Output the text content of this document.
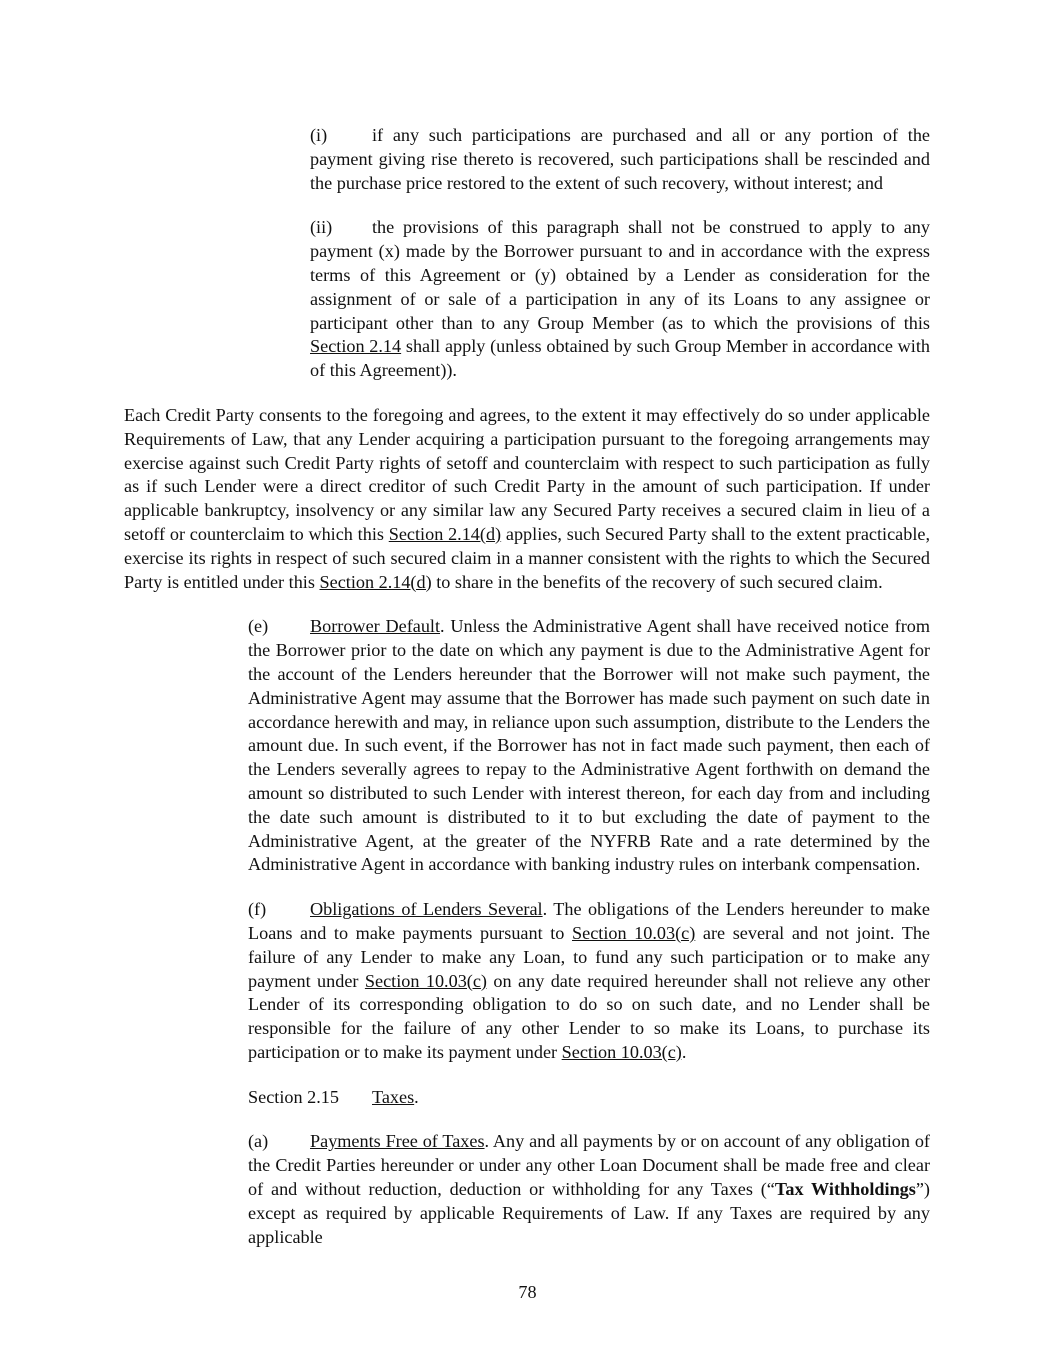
(i) if any such participations are purchased and all or any portion of the payment giving rise thereto is recovered, such participations shall be rescinded and the purchase price restored to the extent of such recovery, without interest; and

(ii) the provisions of this paragraph shall not be construed to apply to any payment (x) made by the Borrower pursuant to and in accordance with the express terms of this Agreement or (y) obtained by a Lender as consideration for the assignment of or sale of a participation in any of its Loans to any assignee or participant other than to any Group Member (as to which the provisions of this Section 2.14 shall apply (unless obtained by such Group Member in accordance with of this Agreement)).

Each Credit Party consents to the foregoing and agrees, to the extent it may effectively do so under applicable Requirements of Law, that any Lender acquiring a participation pursuant to the foregoing arrangements may exercise against such Credit Party rights of setoff and counterclaim with respect to such participation as fully as if such Lender were a direct creditor of such Credit Party in the amount of such participation. If under applicable bankruptcy, insolvency or any similar law any Secured Party receives a secured claim in lieu of a setoff or counterclaim to which this Section 2.14(d) applies, such Secured Party shall to the extent practicable, exercise its rights in respect of such secured claim in a manner consistent with the rights to which the Secured Party is entitled under this Section 2.14(d) to share in the benefits of the recovery of such secured claim.

(e) Borrower Default. Unless the Administrative Agent shall have received notice from the Borrower prior to the date on which any payment is due to the Administrative Agent for the account of the Lenders hereunder that the Borrower will not make such payment, the Administrative Agent may assume that the Borrower has made such payment on such date in accordance herewith and may, in reliance upon such assumption, distribute to the Lenders the amount due. In such event, if the Borrower has not in fact made such payment, then each of the Lenders severally agrees to repay to the Administrative Agent forthwith on demand the amount so distributed to such Lender with interest thereon, for each day from and including the date such amount is distributed to it to but excluding the date of payment to the Administrative Agent, at the greater of the NYFRB Rate and a rate determined by the Administrative Agent in accordance with banking industry rules on interbank compensation.

(f) Obligations of Lenders Several. The obligations of the Lenders hereunder to make Loans and to make payments pursuant to Section 10.03(c) are several and not joint. The failure of any Lender to make any Loan, to fund any such participation or to make any payment under Section 10.03(c) on any date required hereunder shall not relieve any other Lender of its corresponding obligation to do so on such date, and no Lender shall be responsible for the failure of any other Lender to so make its Loans, to purchase its participation or to make its payment under Section 10.03(c).

Section 2.15 Taxes.

(a) Payments Free of Taxes. Any and all payments by or on account of any obligation of the Credit Parties hereunder or under any other Loan Document shall be made free and clear of and without reduction, deduction or withholding for any Taxes (“Tax Withholdings”) except as required by applicable Requirements of Law. If any Taxes are required by any applicable

78
